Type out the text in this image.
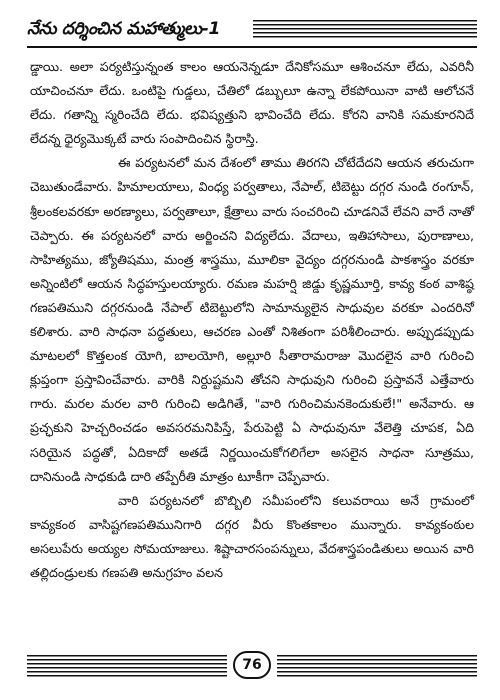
నేను దర్శించిన మహాత్ములు-1

డ్డాయి. అలా పర్యటిస్తున్నంత కాలం ఆయనెన్నడూ దేనికోసమూ ఆశించనూ లేదు, ఎవరినీ యాచించనూ లేదు. ఒంటిపై గుడ్డలు, చేతిలో డబ్బులూ ఉన్నా లేకపోయినా వాటి ఆలోచనే లేదు. గతాన్ని స్మరించేది లేదు. భవిష్యత్తుని భావించేది లేదు. కోరని వానికి సమకూరనిదే లేదన్న ధైర్యమొక్కటే వారు సంపాదించిన స్థిరాస్తి.

ఈ పర్యటనలో మన దేశంలో తాము తిరగని చోటేదేదని ఆయన తరుచుగా చెబుతుండేవారు. హిమాలయాలు, వింధ్య పర్వతాలు, నేపాల్, టిబెట్టు దగ్గర నుండి రంగూన్, శ్రీలంకలవరకూ అరణ్యాలు, పర్వతాలూ, క్షేత్రాలు వారు సంచరించి చూడనివే లేవని వారే నాతో చెప్పారు. ఈ పర్యటనలో వారు అర్జించని విద్యలేదు. వేదాలు, ఇతిహాసాలు, పురాణాలు, సాహిత్యము, జ్యోతిషము, మంత్ర శాస్త్రము, మూలికా వైద్యం దగ్గరనుండి పాకశాస్త్రం వరకూ అన్నింటిలో ఆయన సిద్ధహస్తులయ్యారు. రమణ మహర్షి జిడ్డు కృష్ణమూర్తి, కావ్య కంఠ వాశిష్ఠ గణపతిముని దగ్గరనుండి నేపాల్ టిబెట్టులోని సామాన్యులైన సాధువుల వరకూ ఎందరినో కలిశారు. వారి సాధనా పద్ధతులు, ఆచరణ ఎంతో నిశితంగా పరిశీలించారు. అప్పుడప్పుడు మాటలలో కొత్తలంక యోగి, బాలయోగి, అల్లూరి సీతారామరాజు మొదలైన వారి గురించి క్లుప్తంగా ప్రస్తావించేవారు. వారికి నిర్దుష్టమని తోచని సాధువుని గురించి ప్రస్తావనే ఎత్తేవారు గారు. మరల మరల వారి గురించి అడిగితే, "వారి గురించిమనకెందుకులే!" అనేవారు. ఆ ప్రచ్ఛకుని హెచ్చరించడం అవసరమనిపిస్తే, పేరుపెట్టి ఏ సాధువునూ వేలెత్తి చూపక, ఏది సరియైన పద్ధతో, ఏదికాదో అతడే నిర్ణయించుకోగలిగేలా అసలైన సాధనా సూత్రము, దానినుండి సాధకుడి దారి తప్పేరీతి మాత్రం టూకీగా చెప్పేవారు.

వారి పర్యటనలో బొబ్బిలి సమీపంలోని కలువరాయి అనే గ్రామంలో కావ్యకంఠ వాసిష్టగణపతిమునిగారి దగ్గర వీరు కొంతకాలం మున్నారు. కావ్యకంఠుల అసలుపేరు అయ్యల సోమయాజులు. శిష్టాచారసంపన్నులు, వేదశాస్త్రపండితులు అయిన వారి తల్లిదండ్రులకు గణపతి అనుగ్రహం వలన

76
